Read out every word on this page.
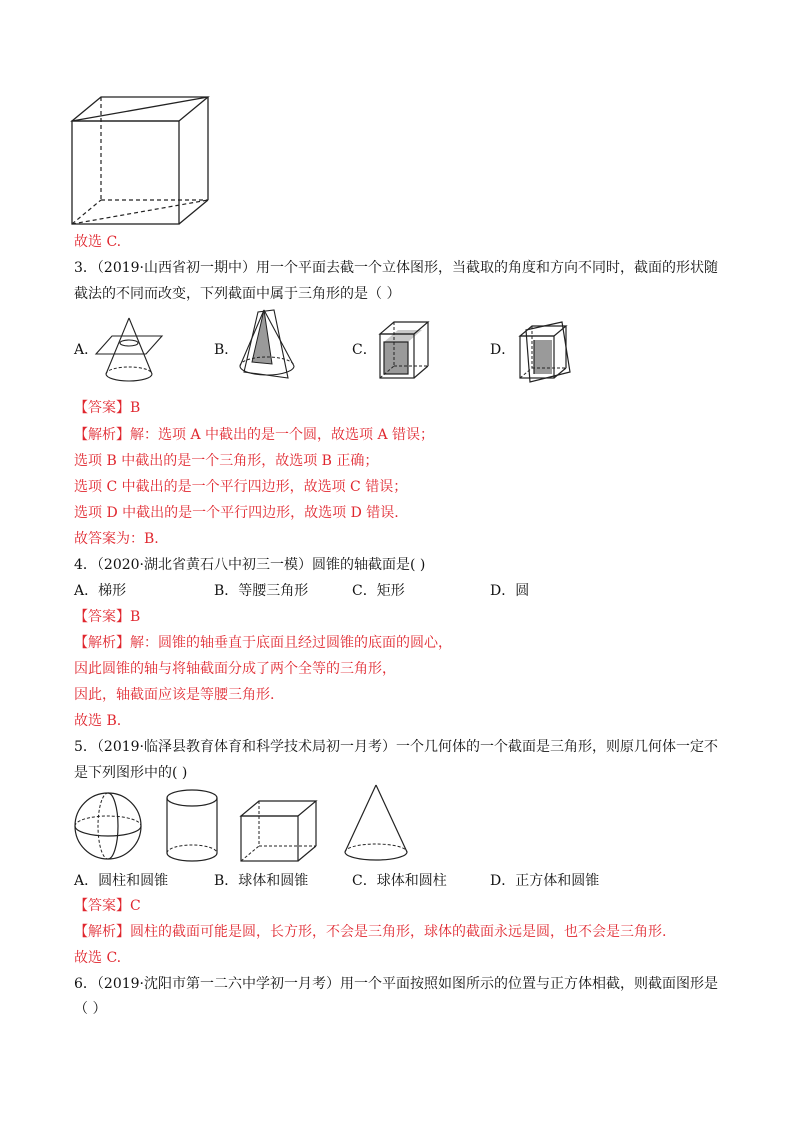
故选 C.
3．（2019·山西省初一期中）用一个平面去截一个立体图形，当截取的角度和方向不同时，截面的形状随
截法的不同而改变，下列截面中属于三角形的是（ ）
A．	B．	C．	D．
【答案】B
【解析】解：选项 A 中截出的是一个圆，故选项 A 错误；
选项 B 中截出的是一个三角形，故选项 B 正确；
选项 C 中截出的是一个平行四边形，故选项 C 错误；
选项 D 中截出的是一个平行四边形，故选项 D 错误.
故答案为：B.
4．（2020·湖北省黄石八中初三一模）圆锥的轴截面是( )
A．梯形	B．等腰三角形	C．矩形	D．圆
【答案】B
【解析】解：圆锥的轴垂直于底面且经过圆锥的底面的圆心，
因此圆锥的轴与将轴截面分成了两个全等的三角形，
因此，轴截面应该是等腰三角形.
故选 B.
5．（2019·临泽县教育体育和科学技术局初一月考）一个几何体的一个截面是三角形，则原几何体一定不
是下列图形中的( )
A．圆柱和圆锥	B．球体和圆锥	C．球体和圆柱	D．正方体和圆锥
【答案】C
【解析】圆柱的截面可能是圆，长方形，不会是三角形，球体的截面永远是圆，也不会是三角形.
故选 C.
6．（2019·沈阳市第一二六中学初一月考）用一个平面按照如图所示的位置与正方体相截，则截面图形是
（ ）
